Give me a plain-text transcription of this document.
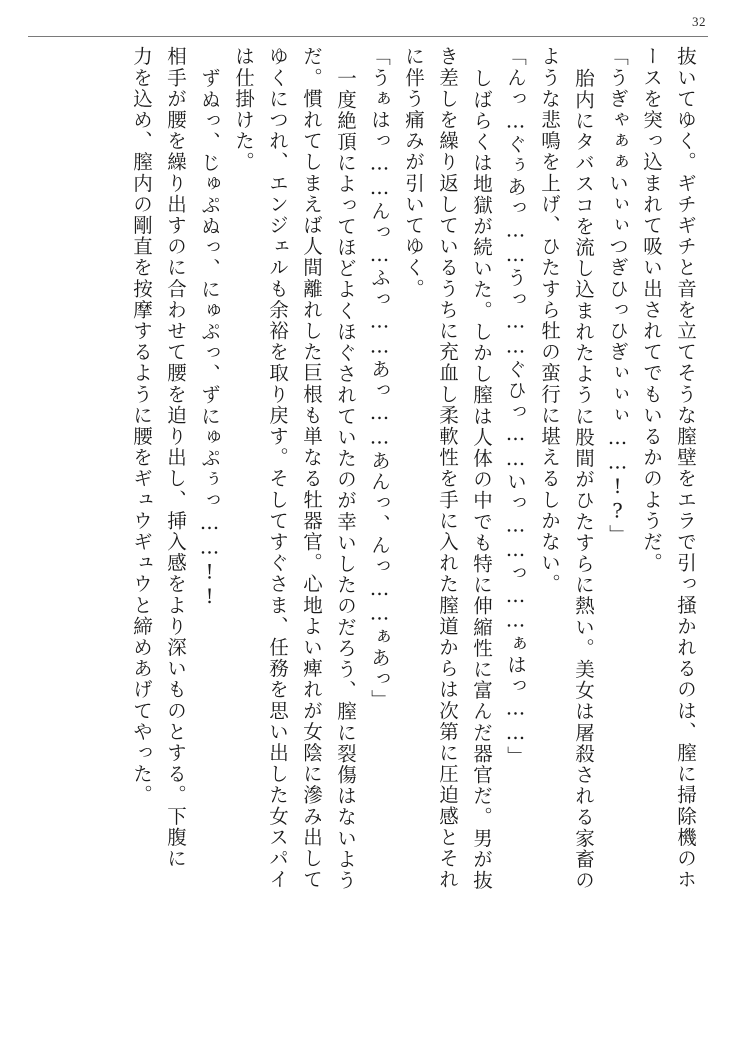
32
抜いてゆく。ギチギチと音を立てそうな膣壁をエラで引っ掻かれるのは、膣に掃除機のホ
ースを突っ込まれて吸い出されてでもいるかのようだ。
「うぎゃぁぁいぃぃつぎひっひぎぃぃぃ……!?」
胎内にタバスコを流し込まれたように股間がひたすらに熱い。美女は屠殺される家畜の
ような悲鳴を上げ、ひたすら牡の蛮行に堪えるしかない。
「んっ…ぐぅあっ……うっ……ぐひっ……いっ……っ……ぁはっ……」
しばらくは地獄が続いた。しかし膣は人体の中でも特に伸縮性に富んだ器官だ。男が抜
き差しを繰り返しているうちに充血し柔軟性を手に入れた膣道からは次第に圧迫感とそれ
に伴う痛みが引いてゆく。
「うぁはっ……んっ…ふっ……あっ……あんっ、んっ……ぁあっ」
一度絶頂によってほどよくほぐされていたのが幸いしたのだろう、膣に裂傷はないよう
だ。慣れてしまえば人間離れした巨根も単なる牡器官。心地よい痺れが女陰に滲み出して
ゆくにつれ、エンジェルも余裕を取り戻す。そしてすぐさま、任務を思い出した女スパイ
は仕掛けた。
ずぬっ、じゅぷぬっ、にゅぷっ、ずにゅぷぅっ……!!
相手が腰を繰り出すのに合わせて腰を迫り出し、挿入感をより深いものとする。下腹に
力を込め、膣内の剛直を按摩するように腰をギュウギュウと締めあげてやった。
